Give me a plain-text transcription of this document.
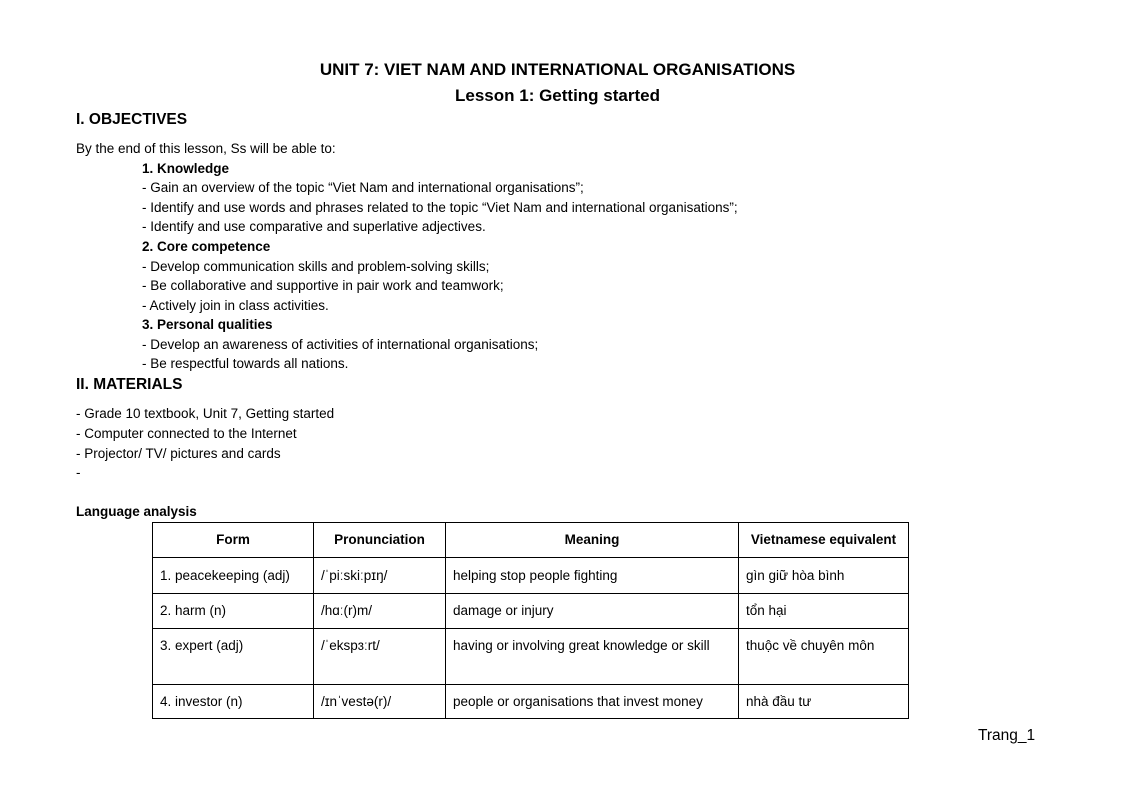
UNIT 7: VIET NAM AND INTERNATIONAL ORGANISATIONS
Lesson 1: Getting started
I. OBJECTIVES
By the end of this lesson, Ss will be able to:
1. Knowledge
- Gain an overview of the topic “Viet Nam and international organisations”;
- Identify and use words and phrases related to the topic “Viet Nam and international organisations”;
- Identify and use comparative and superlative adjectives.
2. Core competence
- Develop communication skills and problem-solving skills;
- Be collaborative and supportive in pair work and teamwork;
- Actively join in class activities.
3. Personal qualities
- Develop an awareness of activities of international organisations;
- Be respectful towards all nations.
II. MATERIALS
- Grade 10 textbook, Unit 7, Getting started
- Computer connected to the Internet
- Projector/ TV/ pictures and cards
-
Language analysis
Form	Pronunciation	Meaning	Vietnamese equivalent
1. peacekeeping (adj)	/ˈpiːskiːpɪŋ/	helping stop people fighting	gìn giữ hòa bình
2. harm (n)	/hɑː(r)m/	damage or injury	tổn hại
3. expert (adj)	/ˈekspɜːrt/	having or involving great knowledge or skill	thuộc về chuyên môn
4. investor (n)	/ɪnˈvestə(r)/	people or organisations that invest money	nhà đầu tư
Trang_1
